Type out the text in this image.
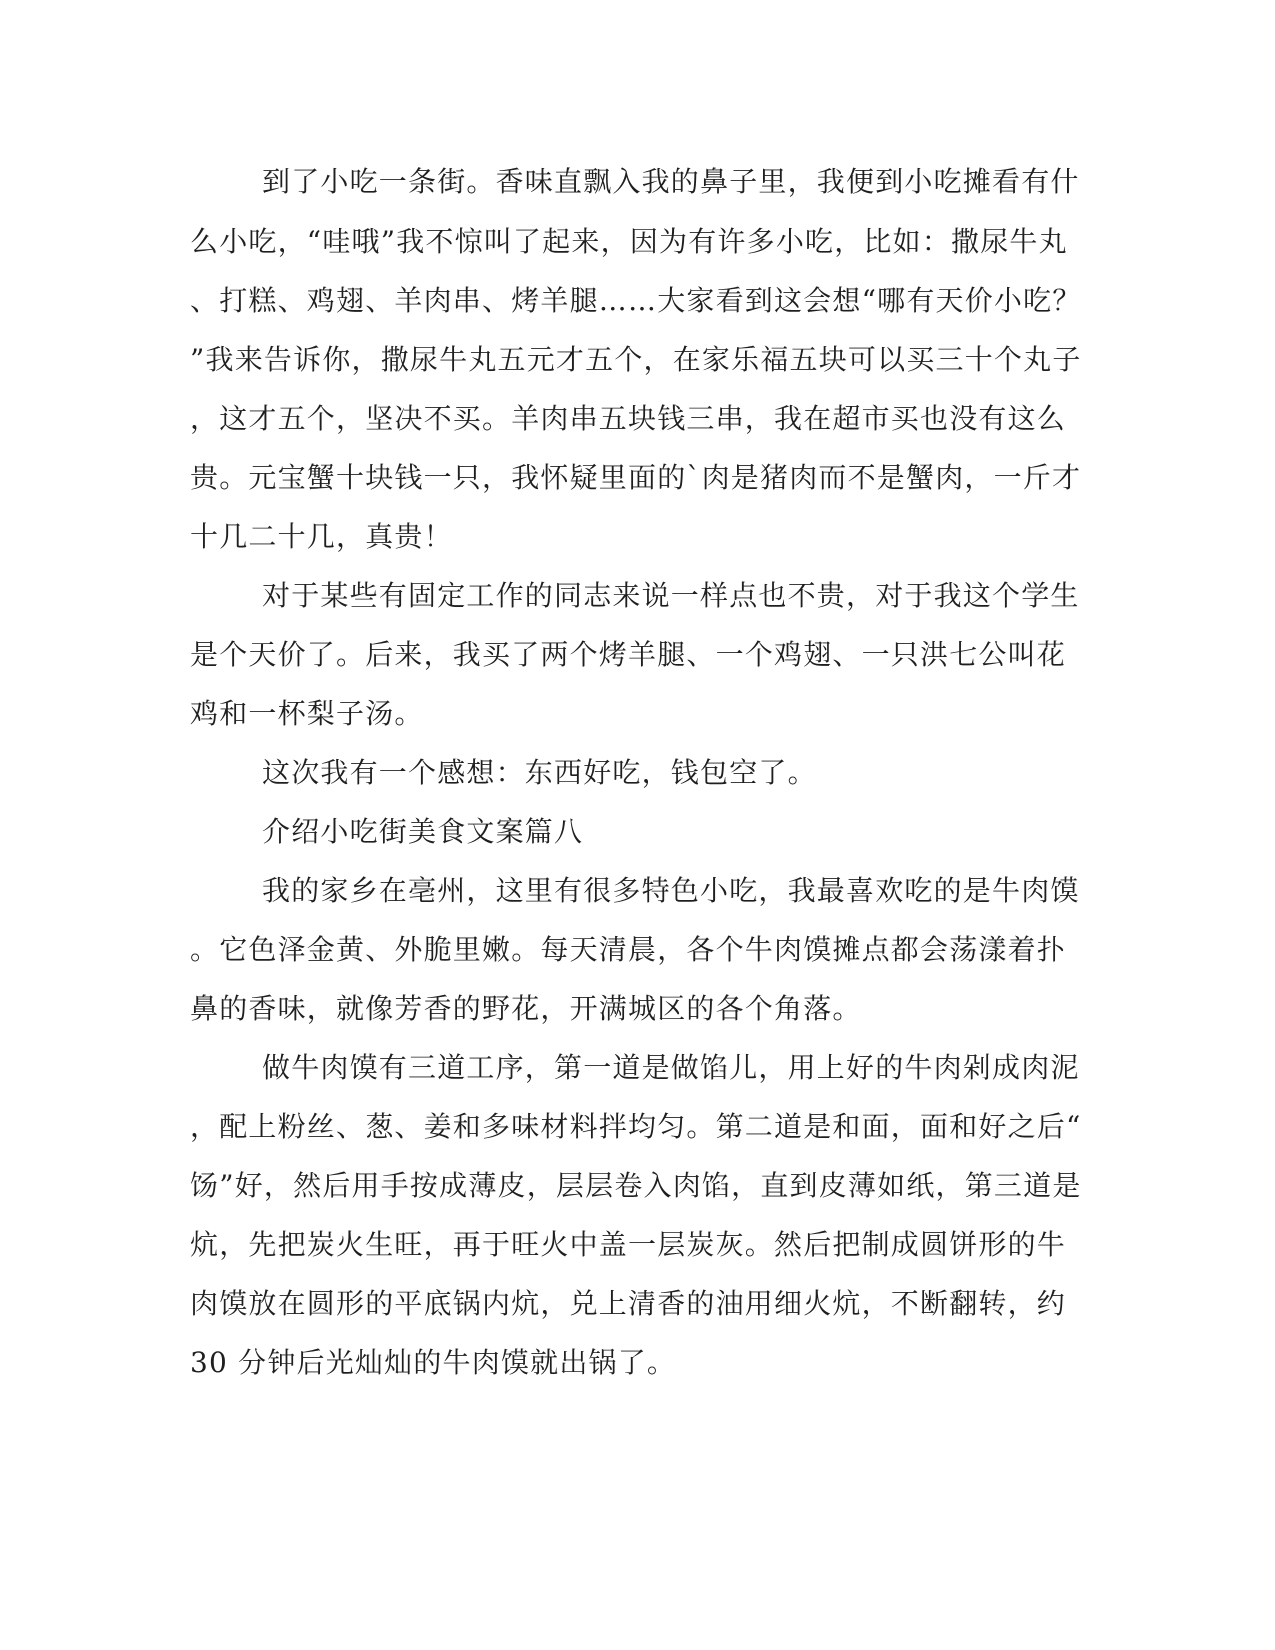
到了小吃一条街。香味直飘入我的鼻子里，我便到小吃摊看有什

么小吃，“哇哦”我不惊叫了起来，因为有许多小吃，比如：撒尿牛丸

、打糕、鸡翅、羊肉串、烤羊腿……大家看到这会想“哪有天价小吃？

”我来告诉你，撒尿牛丸五元才五个，在家乐福五块可以买三十个丸子

，这才五个，坚决不买。羊肉串五块钱三串，我在超市买也没有这么

贵。元宝蟹十块钱一只，我怀疑里面的`肉是猪肉而不是蟹肉，一斤才

十几二十几，真贵！

对于某些有固定工作的同志来说一样点也不贵，对于我这个学生

是个天价了。后来，我买了两个烤羊腿、一个鸡翅、一只洪七公叫花

鸡和一杯梨子汤。

这次我有一个感想：东西好吃，钱包空了。

介绍小吃街美食文案篇八

我的家乡在亳州，这里有很多特色小吃，我最喜欢吃的是牛肉馍

。它色泽金黄、外脆里嫩。每天清晨，各个牛肉馍摊点都会荡漾着扑

鼻的香味，就像芳香的野花，开满城区的各个角落。

做牛肉馍有三道工序，第一道是做馅儿，用上好的牛肉剁成肉泥

，配上粉丝、葱、姜和多味材料拌均匀。第二道是和面，面和好之后“

饧”好，然后用手按成薄皮，层层卷入肉馅，直到皮薄如纸，第三道是

炕，先把炭火生旺，再于旺火中盖一层炭灰。然后把制成圆饼形的牛

肉馍放在圆形的平底锅内炕，兑上清香的油用细火炕，不断翻转，约

30 分钟后光灿灿的牛肉馍就出锅了。
